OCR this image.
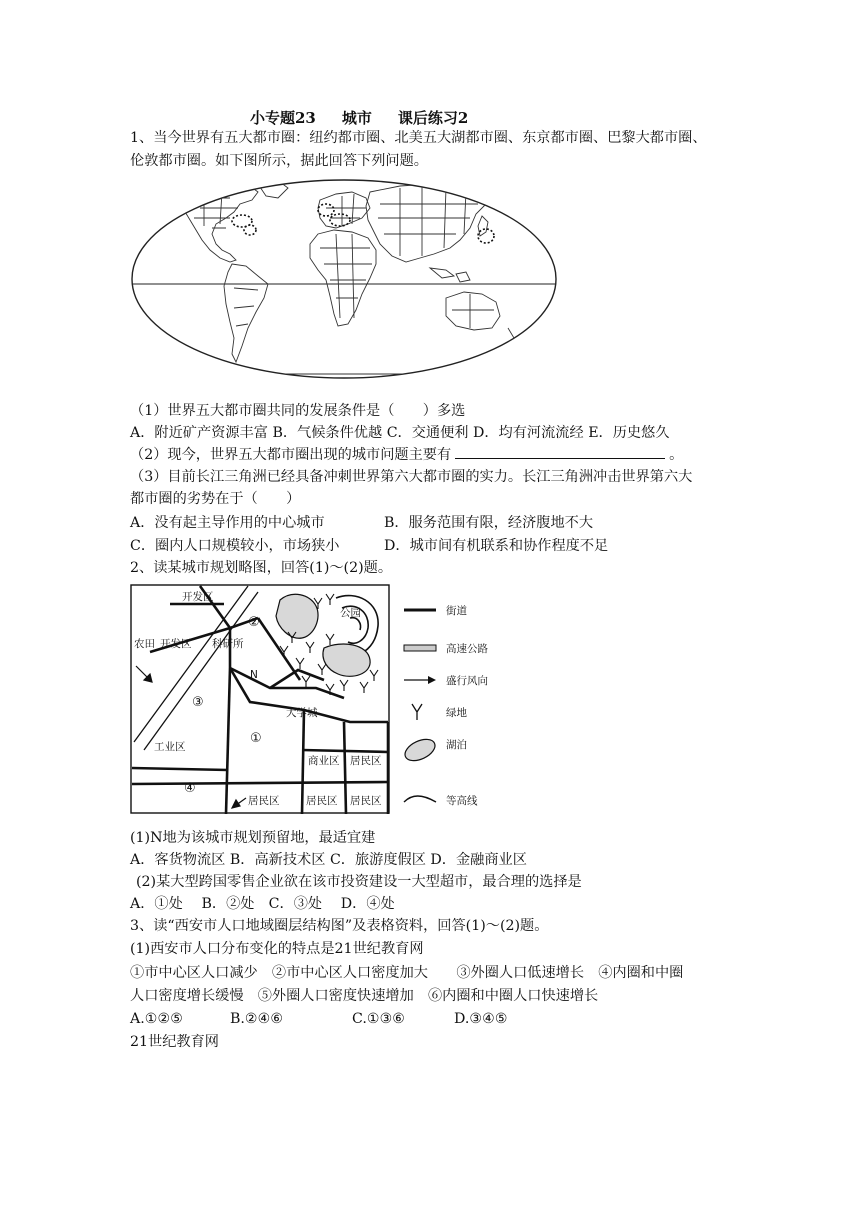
小专题23 城市 课后练习2
1、当今世界有五大都市圈：纽约都市圈、北美五大湖都市圈、东京都市圈、巴黎大都市圈、
伦敦都市圈。如下图所示，据此回答下列问题。
（1）世界五大都市圈共同的发展条件是（　　）多选
A．附近矿产资源丰富 B．气候条件优越 C．交通便利 D．均有河流流经 E．历史悠久
（2）现今，世界五大都市圈出现的城市问题主要有	。
（3）目前长江三角洲已经具备冲刺世界第六大都市圈的实力。长江三角洲冲击世界第六大
都市圈的劣势在于（　　）
A．没有起主导作用的中心城市	B．服务范围有限，经济腹地不大
C．圈内人口规模较小，市场狭小	D．城市间有机联系和协作程度不足
2、读某城市规划略图，回答(1)～(2)题。
开发区
开发区
农田	科研所
公园
N
大学城
工业区
商业区 居民区
居民区	居民区 居民区
②
③
①
④
街道
高速公路
盛行风向
绿地
湖泊
等高线
(1)N地为该城市规划预留地，最适宜建
A．客货物流区 B．高新技术区 C．旅游度假区 D．金融商业区
(2)某大型跨国零售企业欲在该市投资建设一大型超市，最合理的选择是
A．①处　 B．②处　C．③处　 D．④处
3、读“西安市人口地域圈层结构图”及表格资料，回答(1)～(2)题。
(1)西安市人口分布变化的特点是21世纪教育网
①市中心区人口减少　②市中心区人口密度加大　　③外圈人口低速增长　④内圈和中圈
人口密度增长缓慢　⑤外圈人口密度快速增加　⑥内圈和中圈人口快速增长
A.①②⑤	B.②④⑥	C.①③⑥	D.③④⑤
21世纪教育网
